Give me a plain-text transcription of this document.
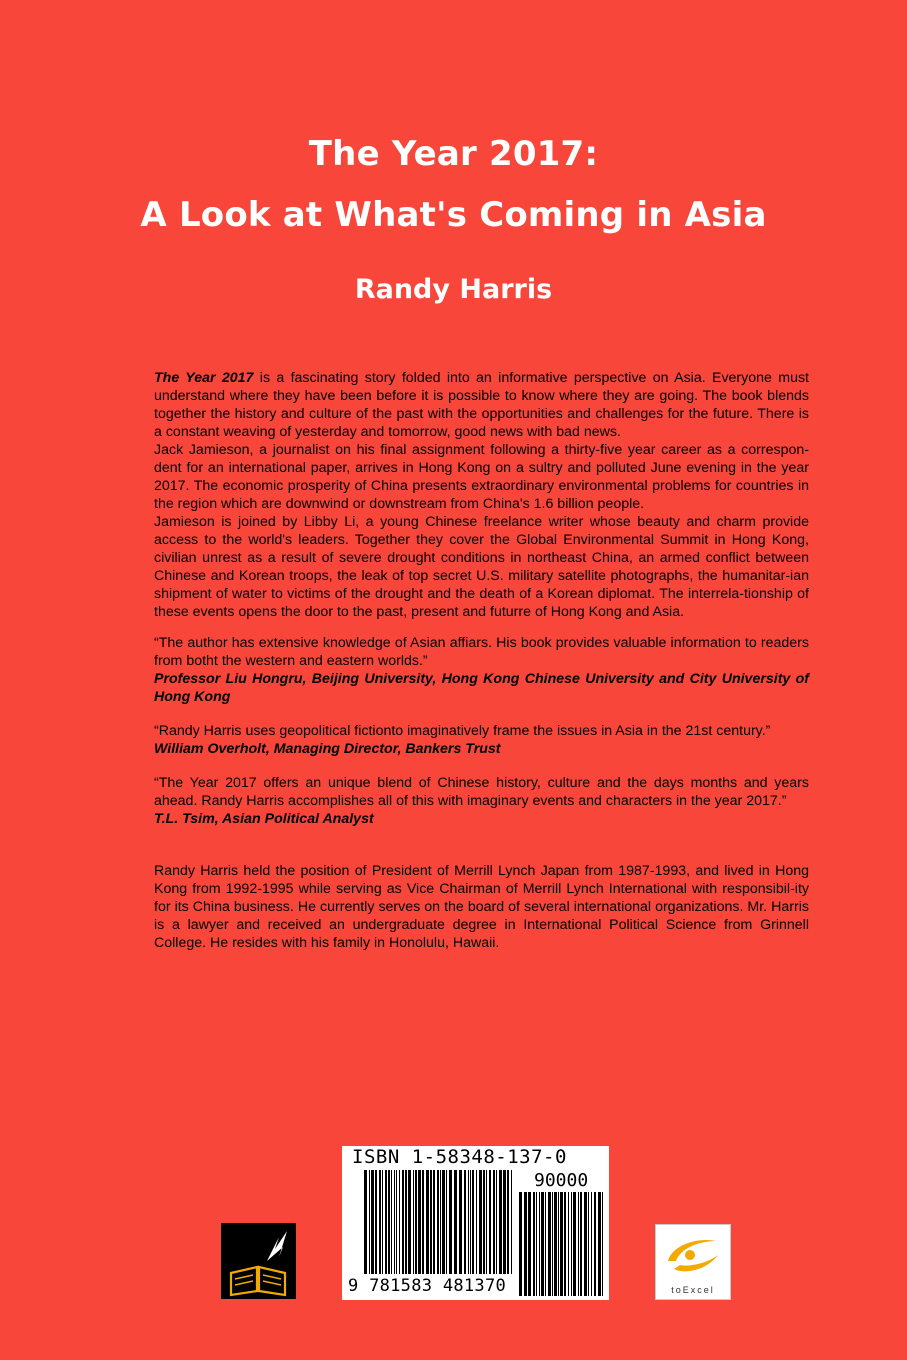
The Year 2017:
A Look at What's Coming in Asia
Randy Harris

The Year 2017 is a fascinating story folded into an informative perspective on Asia. Everyone must understand where they have been before it is possible to know where they are going. The book blends together the history and culture of the past with the opportunities and challenges for the future. There is a constant weaving of yesterday and tomorrow, good news with bad news.

Jack Jamieson, a journalist on his final assignment following a thirty-five year career as a correspon-dent for an international paper, arrives in Hong Kong on a sultry and polluted June evening in the year 2017. The economic prosperity of China presents extraordinary environmental problems for countries in the region which are downwind or downstream from China's 1.6 billion people.

Jamieson is joined by Libby Li, a young Chinese freelance writer whose beauty and charm provide access to the world's leaders. Together they cover the Global Environmental Summit in Hong Kong, civilian unrest as a result of severe drought conditions in northeast China, an armed conflict between Chinese and Korean troops, the leak of top secret U.S. military satellite photographs, the humanitar-ian shipment of water to victims of the drought and the death of a Korean diplomat. The interrela-tionship of these events opens the door to the past, present and futurre of Hong Kong and Asia.

“The author has extensive knowledge of Asian affiars. His book provides valuable information to readers from botht the western and eastern worlds.”

Professor Liu Hongru, Beijing University, Hong Kong Chinese University and City University of Hong Kong

“Randy Harris uses geopolitical fictionto imaginatively frame the issues in Asia in the 21st century.”

William Overholt, Managing Director, Bankers Trust

“The Year 2017 offers an unique blend of Chinese history, culture and the days months and years ahead. Randy Harris accomplishes all of this with imaginary events and characters in the year 2017.”

T.L. Tsim, Asian Political Analyst

Randy Harris held the position of President of Merrill Lynch Japan from 1987-1993, and lived in Hong Kong from 1992-1995 while serving as Vice Chairman of Merrill Lynch International with responsibil-ity for its China business. He currently serves on the board of several international organizations. Mr. Harris is a lawyer and received an undergraduate degree in International Political Science from Grinnell College. He resides with his family in Honolulu, Hawaii.
ISBN 1-58348-137-0
90000
9 781583 481370	toExcel
